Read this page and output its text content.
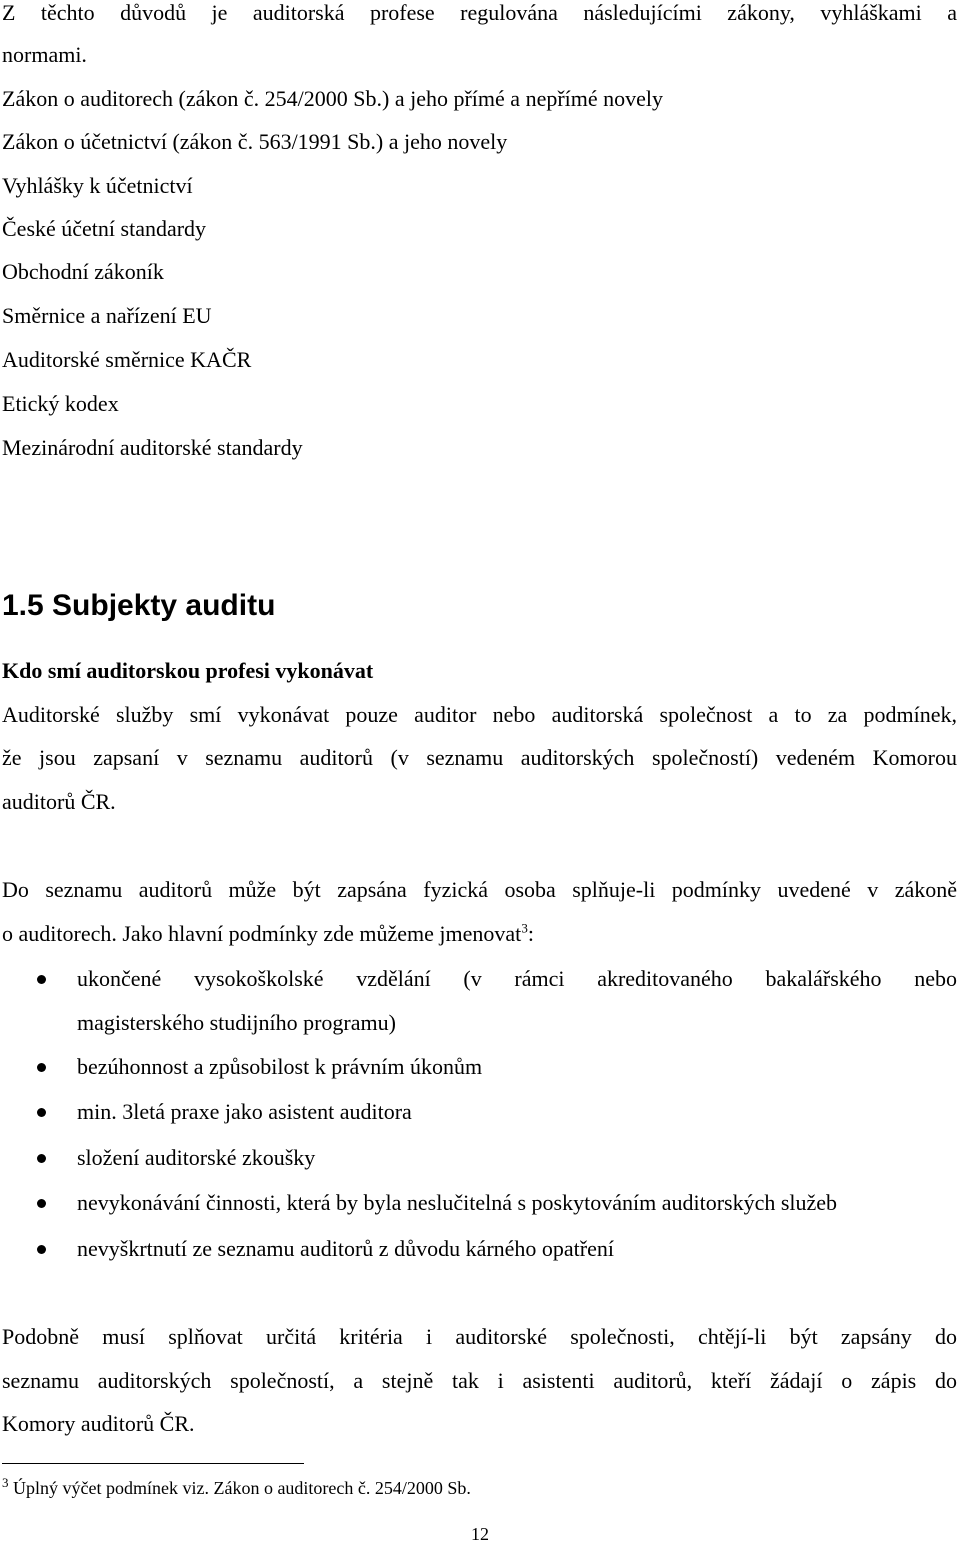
Z těchto důvodů je auditorská profese regulována následujícími zákony, vyhláškami a

normami.

Zákon o auditorech (zákon č. 254/2000 Sb.) a jeho přímé a nepřímé novely

Zákon o účetnictví (zákon č. 563/1991 Sb.) a jeho novely

Vyhlášky k účetnictví

České účetní standardy

Obchodní zákoník

Směrnice a nařízení EU

Auditorské směrnice KAČR

Etický kodex

Mezinárodní auditorské standardy

1.5 Subjekty auditu
Kdo smí auditorskou profesi vykonávat

Auditorské služby smí vykonávat pouze auditor nebo auditorská společnost a to za podmínek,

že jsou zapsaní v seznamu auditorů (v seznamu auditorských společností) vedeném Komorou

auditorů ČR.

Do seznamu auditorů může být zapsána fyzická osoba splňuje-li podmínky uvedené v zákoně

o auditorech. Jako hlavní podmínky zde můžeme jmenovat$^3$:

ukončené vysokoškolské vzdělání (v rámci akreditovaného bakalářského nebo

magisterského studijního programu)

bezúhonnost a způsobilost k právním úkonům

min. 3letá praxe jako asistent auditora

složení auditorské zkoušky

nevykonávání činnosti, která by byla neslučitelná s poskytováním auditorských služeb

nevyškrtnutí ze seznamu auditorů z důvodu kárného opatření

Podobně musí splňovat určitá kritéria i auditorské společnosti, chtějí-li být zapsány do

seznamu auditorských společností, a stejně tak i asistenti auditorů, kteří žádají o zápis do

Komory auditorů ČR.

$^3$ Úplný výčet podmínek viz. Zákon o auditorech č. 254/2000 Sb.

12
